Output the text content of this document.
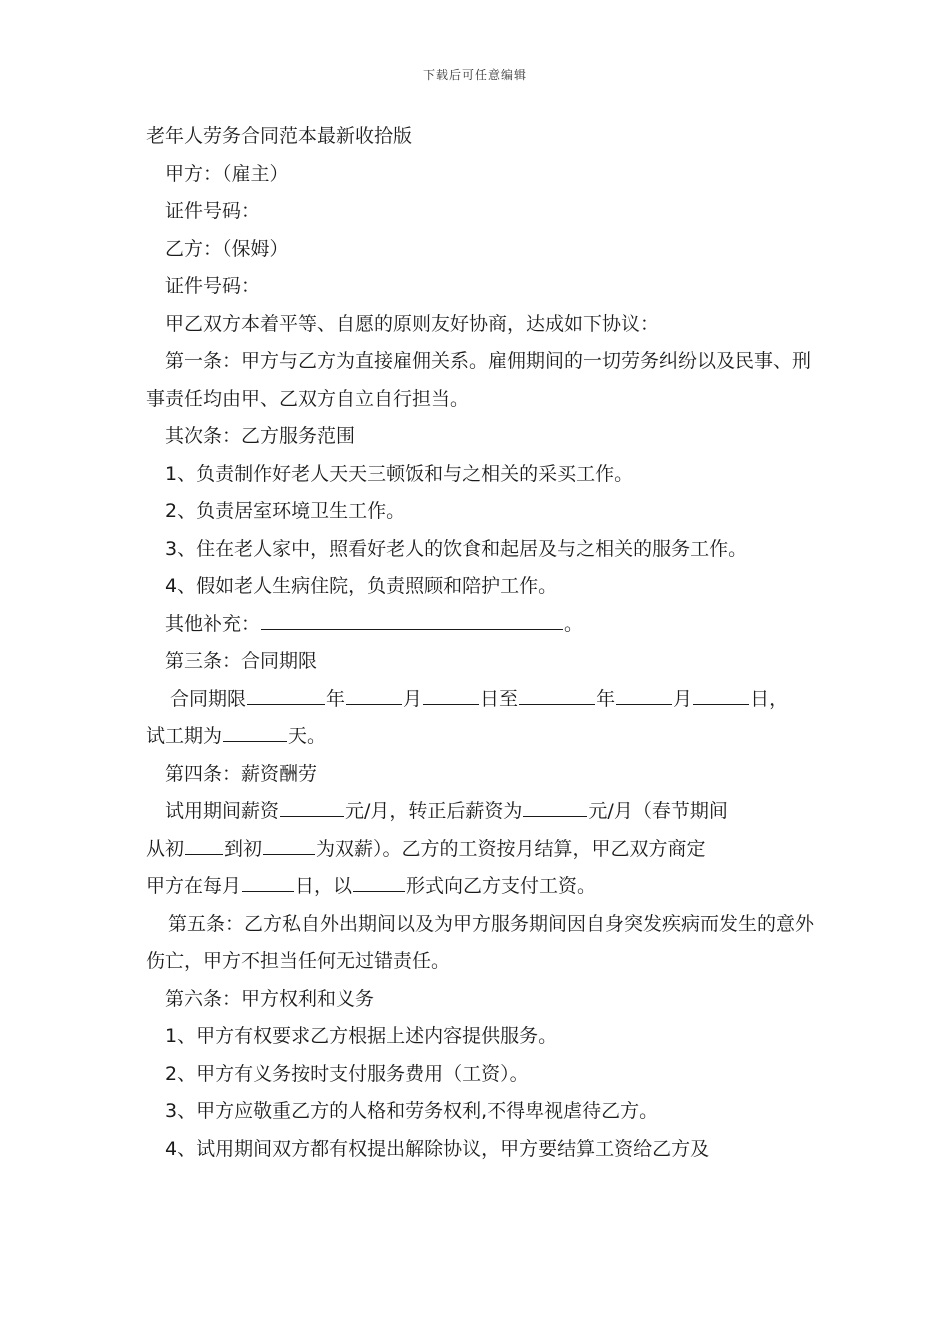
下载后可任意编辑
老年人劳务合同范本最新收拾版
甲方：（雇主）
证件号码：
乙方：（保姆）
证件号码：
甲乙双方本着平等、自愿的原则友好协商，达成如下协议：
第一条：甲方与乙方为直接雇佣关系。雇佣期间的一切劳务纠纷以及民事、刑事责任均由甲、乙双方自立自行担当。
其次条：乙方服务范围
1、负责制作好老人天天三顿饭和与之相关的采买工作。
2、负责居室环境卫生工作。
3、住在老人家中，照看好老人的饮食和起居及与之相关的服务工作。
4、假如老人生病住院，负责照顾和陪护工作。
其他补充：	。
第三条：合同期限
合同期限	年	月	日至	年	月	日，
试工期为	天。
第四条：薪资酬劳
试用期间薪资	元/月，转正后薪资为	元/月（春节期间
从初 到初	为双薪）。乙方的工资按月结算，甲乙双方商定
甲方在每月	日，以	形式向乙方支付工资。
第五条：乙方私自外出期间以及为甲方服务期间因自身突发疾病而发生的意外伤亡，甲方不担当任何无过错责任。
第六条：甲方权利和义务
1、甲方有权要求乙方根据上述内容提供服务。
2、甲方有义务按时支付服务费用（工资）。
3、甲方应敬重乙方的人格和劳务权利,不得卑视虐待乙方。
4、试用期间双方都有权提出解除协议，甲方要结算工资给乙方及
